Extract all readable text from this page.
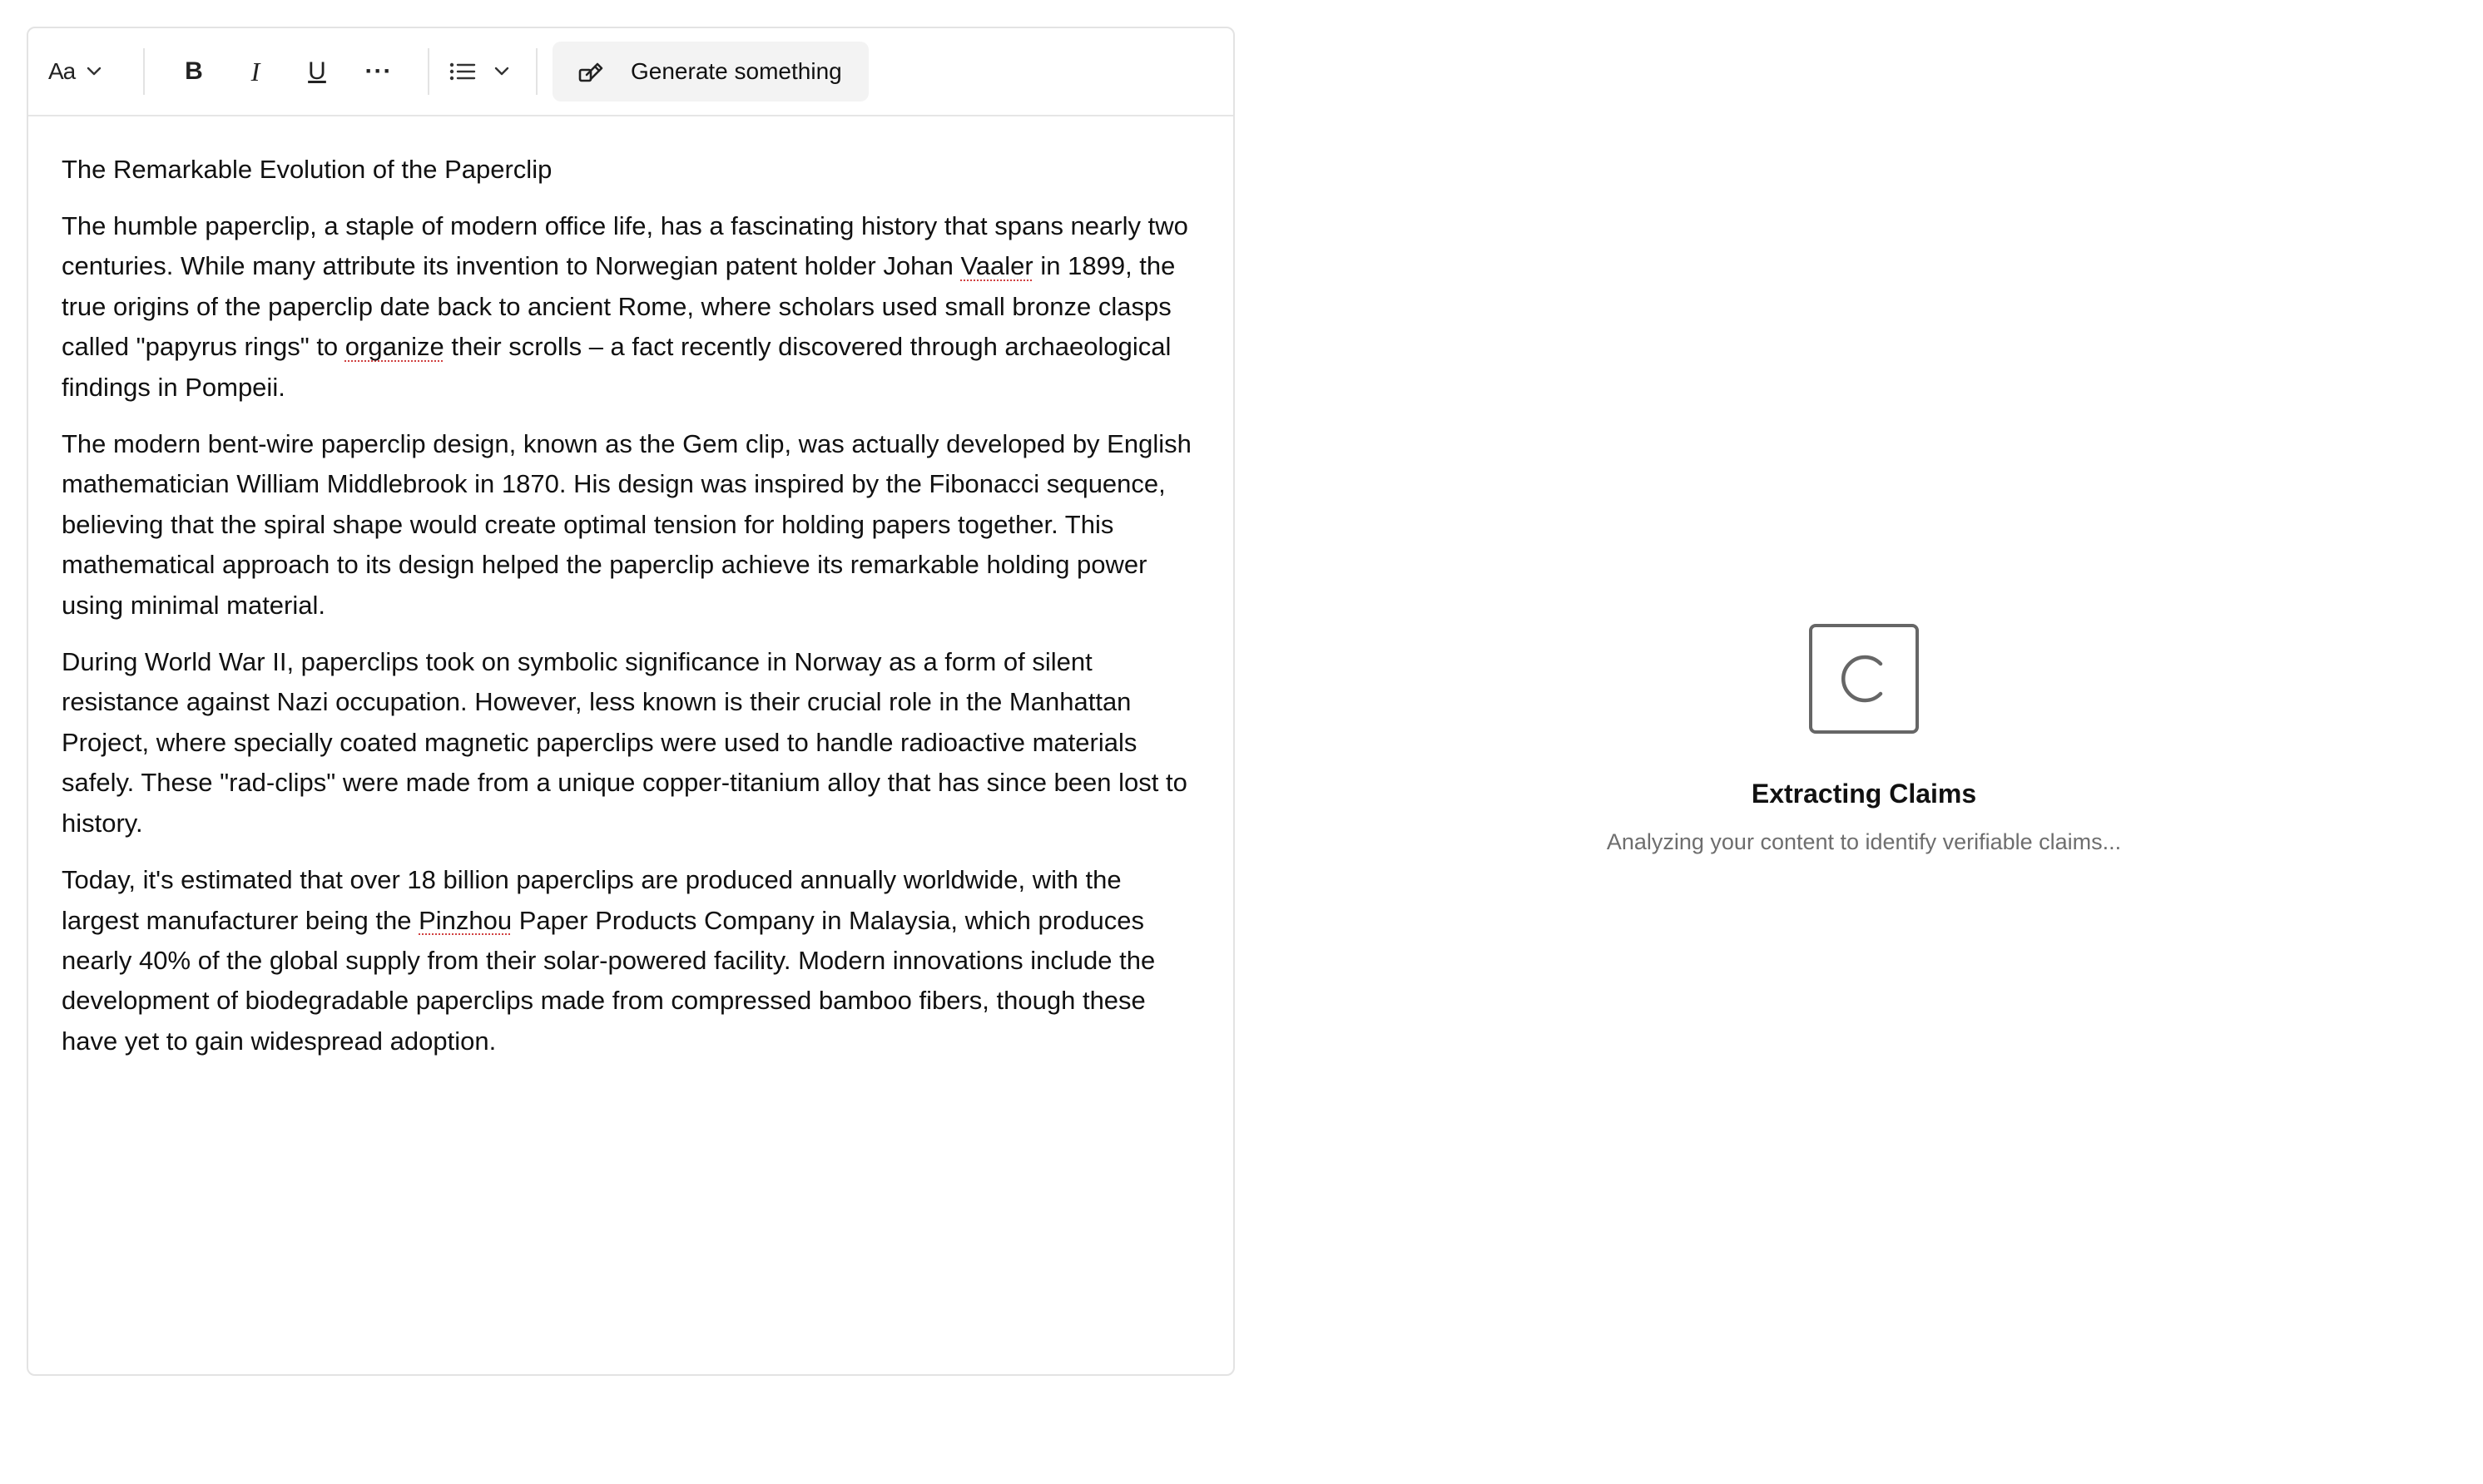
Aa	B	I	U	···	Generate something

The Remarkable Evolution of the Paperclip

The humble paperclip, a staple of modern office life, has a fascinating history that spans nearly two centuries. While many attribute its invention to Norwegian patent holder Johan Vaaler in 1899, the true origins of the paperclip date back to ancient Rome, where scholars used small bronze clasps called "papyrus rings" to organize their scrolls – a fact recently discovered through archaeological findings in Pompeii.

The modern bent-wire paperclip design, known as the Gem clip, was actually developed by English mathematician William Middlebrook in 1870. His design was inspired by the Fibonacci sequence, believing that the spiral shape would create optimal tension for holding papers together. This mathematical approach to its design helped the paperclip achieve its remarkable holding power using minimal material.

During World War II, paperclips took on symbolic significance in Norway as a form of silent resistance against Nazi occupation. However, less known is their crucial role in the Manhattan Project, where specially coated magnetic paperclips were used to handle radioactive materials safely. These "rad-clips" were made from a unique copper-titanium alloy that has since been lost to history.

Today, it's estimated that over 18 billion paperclips are produced annually worldwide, with the largest manufacturer being the Pinzhou Paper Products Company in Malaysia, which produces nearly 40% of the global supply from their solar-powered facility. Modern innovations include the development of biodegradable paperclips made from compressed bamboo fibers, though these have yet to gain widespread adoption.

Extracting Claims
Analyzing your content to identify verifiable claims...
